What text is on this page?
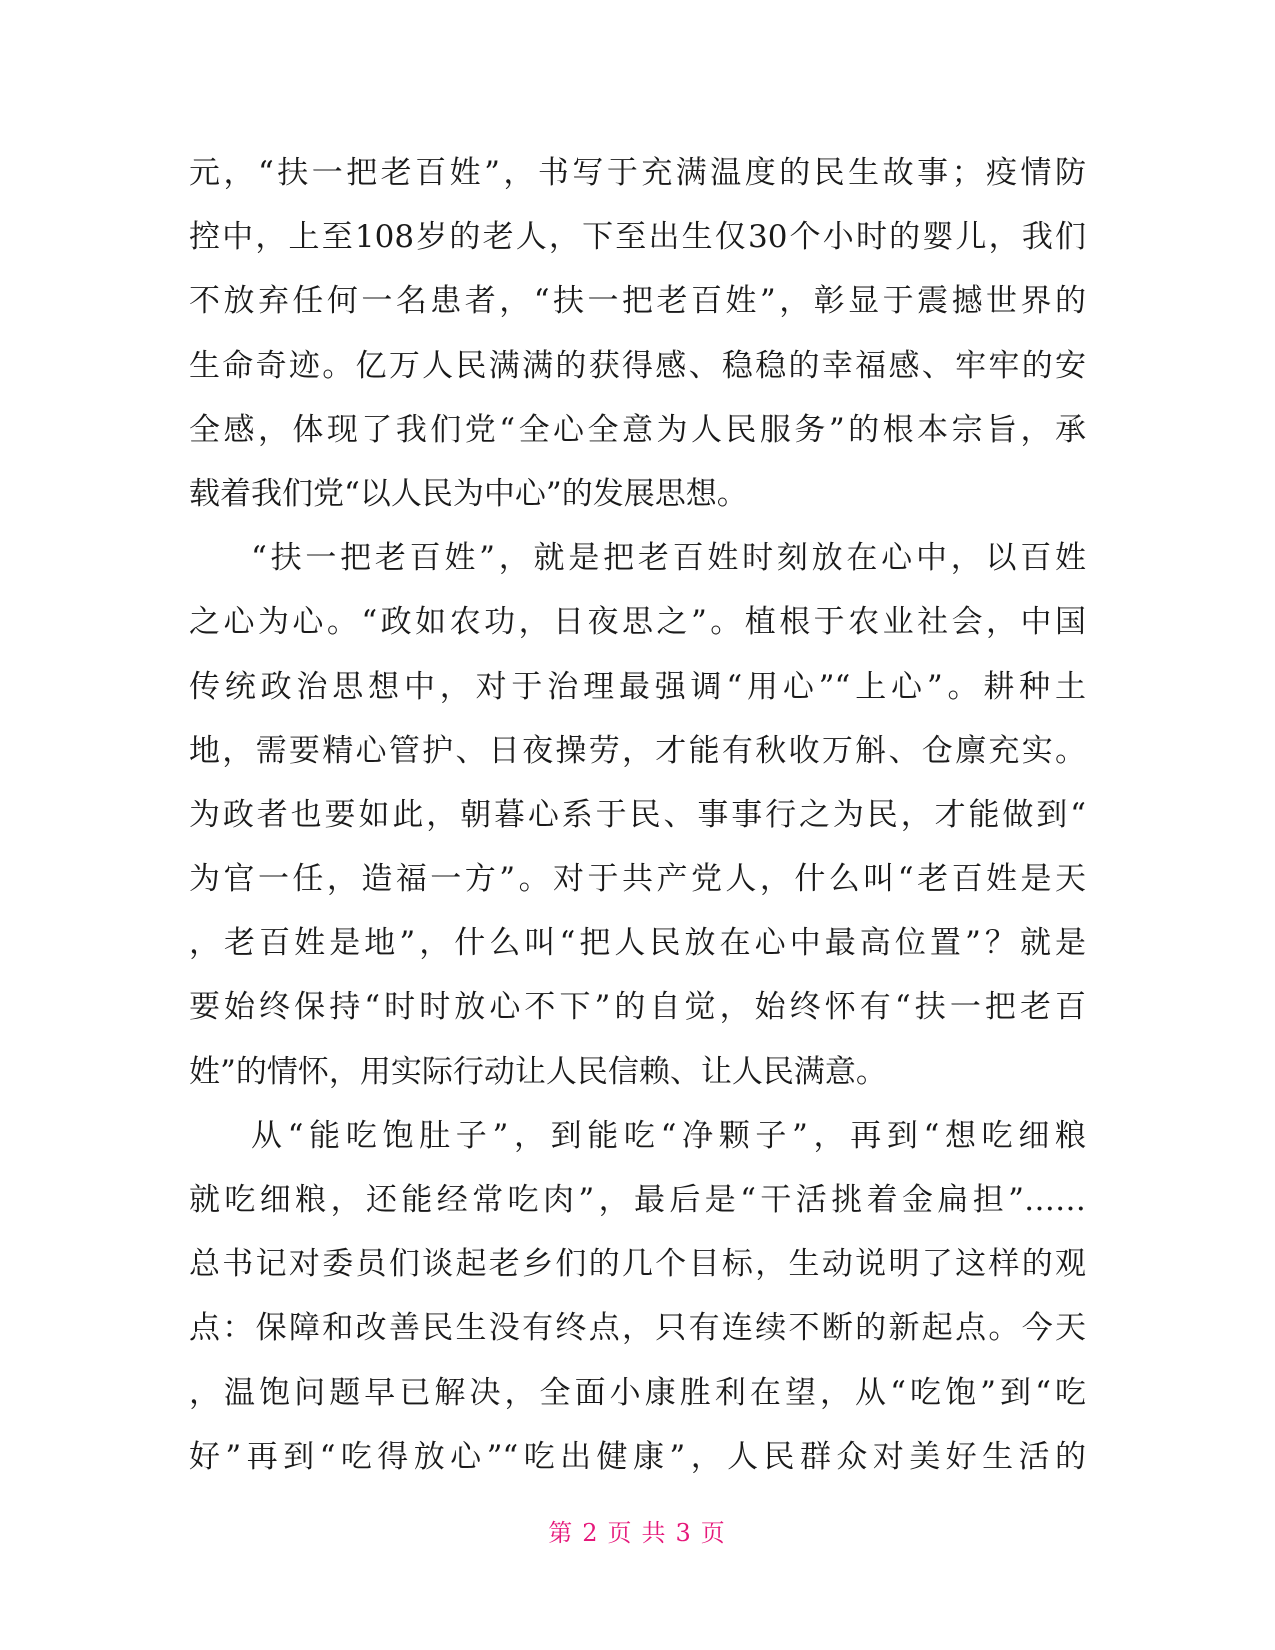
元，“扶一把老百姓”，书写于充满温度的民生故事；疫情防
控中，上至108岁的老人，下至出生仅30个小时的婴儿，我们
不放弃任何一名患者，“扶一把老百姓”，彰显于震撼世界的
生命奇迹。亿万人民满满的获得感、稳稳的幸福感、牢牢的安
全感，体现了我们党“全心全意为人民服务”的根本宗旨，承
载着我们党“以人民为中心”的发展思想。
“扶一把老百姓”，就是把老百姓时刻放在心中，以百姓
之心为心。“政如农功，日夜思之”。植根于农业社会，中国
传统政治思想中，对于治理最强调“用心”“上心”。耕种土
地，需要精心管护、日夜操劳，才能有秋收万斛、仓廪充实。
为政者也要如此，朝暮心系于民、事事行之为民，才能做到“
为官一任，造福一方”。对于共产党人，什么叫“老百姓是天
，老百姓是地”，什么叫“把人民放在心中最高位置”？就是
要始终保持“时时放心不下”的自觉，始终怀有“扶一把老百
姓”的情怀，用实际行动让人民信赖、让人民满意。
从“能吃饱肚子”，到能吃“净颗子”，再到“想吃细粮
就吃细粮，还能经常吃肉”，最后是“干活挑着金扁担”……
总书记对委员们谈起老乡们的几个目标，生动说明了这样的观
点：保障和改善民生没有终点，只有连续不断的新起点。今天
，温饱问题早已解决，全面小康胜利在望，从“吃饱”到“吃
好”再到“吃得放心”“吃出健康”，人民群众对美好生活的
第 2 页 共 3 页
